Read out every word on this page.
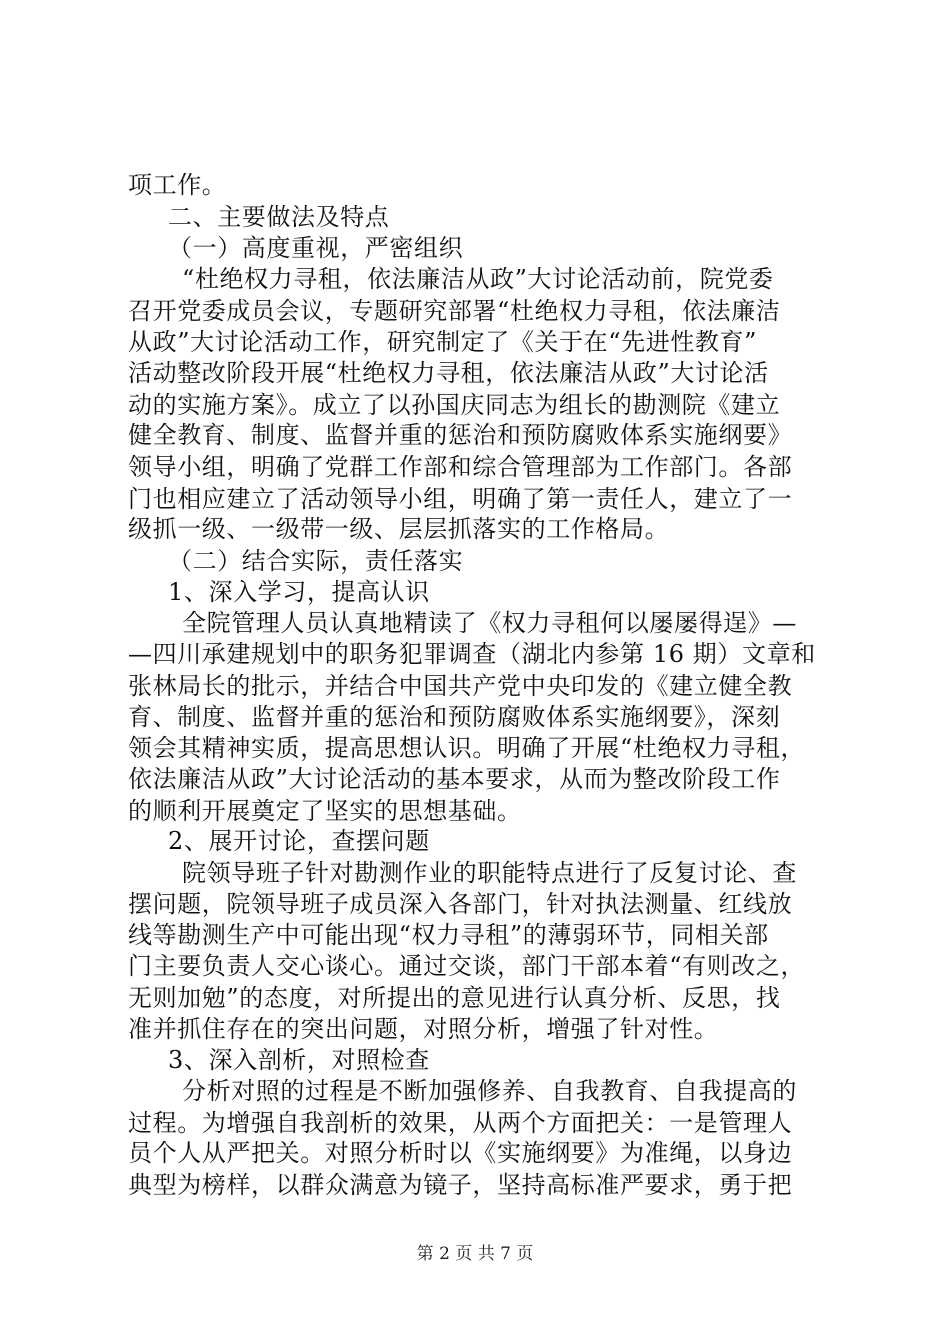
项工作。
二、主要做法及特点
（一）高度重视，严密组织
“杜绝权力寻租，依法廉洁从政”大讨论活动前，院党委
召开党委成员会议，专题研究部署“杜绝权力寻租，依法廉洁
从政”大讨论活动工作，研究制定了《关于在“先进性教育”
活动整改阶段开展“杜绝权力寻租，依法廉洁从政”大讨论活
动的实施方案》。成立了以孙国庆同志为组长的勘测院《建立
健全教育、制度、监督并重的惩治和预防腐败体系实施纲要》
领导小组，明确了党群工作部和综合管理部为工作部门。各部
门也相应建立了活动领导小组，明确了第一责任人，建立了一
级抓一级、一级带一级、层层抓落实的工作格局。
（二）结合实际，责任落实
1、深入学习，提高认识
全院管理人员认真地精读了《权力寻租何以屡屡得逞》—
—四川承建规划中的职务犯罪调查（湖北内参第 16 期）文章和
张林局长的批示，并结合中国共产党中央印发的《建立健全教
育、制度、监督并重的惩治和预防腐败体系实施纲要》，深刻
领会其精神实质，提高思想认识。明确了开展“杜绝权力寻租，
依法廉洁从政”大讨论活动的基本要求，从而为整改阶段工作
的顺利开展奠定了坚实的思想基础。
2、展开讨论，查摆问题
院领导班子针对勘测作业的职能特点进行了反复讨论、查
摆问题，院领导班子成员深入各部门，针对执法测量、红线放
线等勘测生产中可能出现“权力寻租”的薄弱环节，同相关部
门主要负责人交心谈心。通过交谈，部门干部本着“有则改之，
无则加勉”的态度，对所提出的意见进行认真分析、反思，找
准并抓住存在的突出问题，对照分析，增强了针对性。
3、深入剖析，对照检查
分析对照的过程是不断加强修养、自我教育、自我提高的
过程。为增强自我剖析的效果，从两个方面把关：一是管理人
员个人从严把关。对照分析时以《实施纲要》为准绳，以身边
典型为榜样，以群众满意为镜子，坚持高标准严要求，勇于把
第 2 页 共 7 页
